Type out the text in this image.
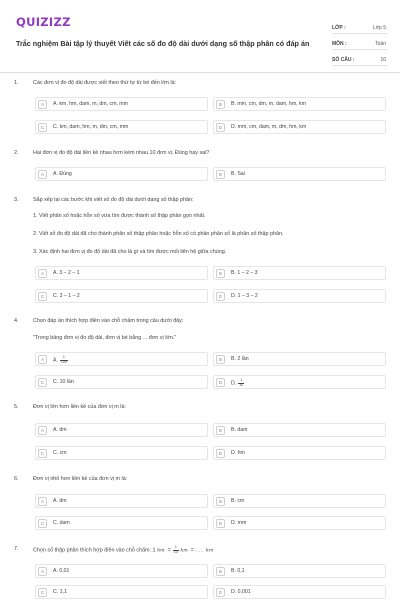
QUIZIZZ
Trắc nghiệm Bài tập lý thuyết Viết các số đo độ dài dưới dạng số thập phân có đáp án
LỚP :	Lớp 5
MÔN :	Toán
SỐ CÂU :	10
1.	Các đơn vị đo độ dài được viết theo thứ tự từ bé đến lớn là:
A	A. km, hm, dam, m, dm, cm, mm	B	B. mm, cm, dm, m, dam, hm, km
C	C. km, dam, hm, m, dm, cm, mm	D	D. mm, cm, dam, m, dm, hm, km
2.	Hai đơn vị đo độ dài liền kề nhau hơn kém nhau 10 đơn vị. Đúng hay sai?
A	A. Đúng	B	B. Sai
3.	Sắp xếp lại các bước khi viết số đo độ dài dưới dạng số thập phân:
1. Viết phân số hoặc hỗn số vừa tìm được thành số thập phân gọn nhất.
2. Viết số đo độ dài đã cho thành phân số thập phân hoặc hỗn số có phần phân số là phân số thập phân.
3. Xác định hai đơn vị đo độ dài đã cho là gì và tìm được mối liên hệ giữa chúng.
A	A. 3 – 2 – 1	B	B. 1 – 2 – 3
C	C. 3 – 1 – 2	D	D. 1 – 3 – 2
4.	Chọn đáp án thích hợp điền vào chỗ chấm trong câu dưới đây:
"Trong bảng đơn vị đo độ dài, đơn vị bé bằng ... đơn vị lớn."
A	A. $\frac{1}{100}$	B	B. 2 lần
C	C. 10 lần	D	D. $\frac{1}{10}$
5.	Đơn vị lớn hơn liền kề của đơn vị m là:
A	A. dm	B	B. dam
C	C. cm	D	D. hm
6.	Đơn vị nhỏ hơn liền kề của đơn vị m là:
A	A. dm	B	B. cm
C	C. dam	D	D. mm
7.	Chọn số thập phân thích hợp điền vào chỗ chấm: 1 hm = $\frac{1}{10}$ km = . . . km
A	A. 0,01	B	B. 0,1
C	C. 1,1	D	D. 0,001
